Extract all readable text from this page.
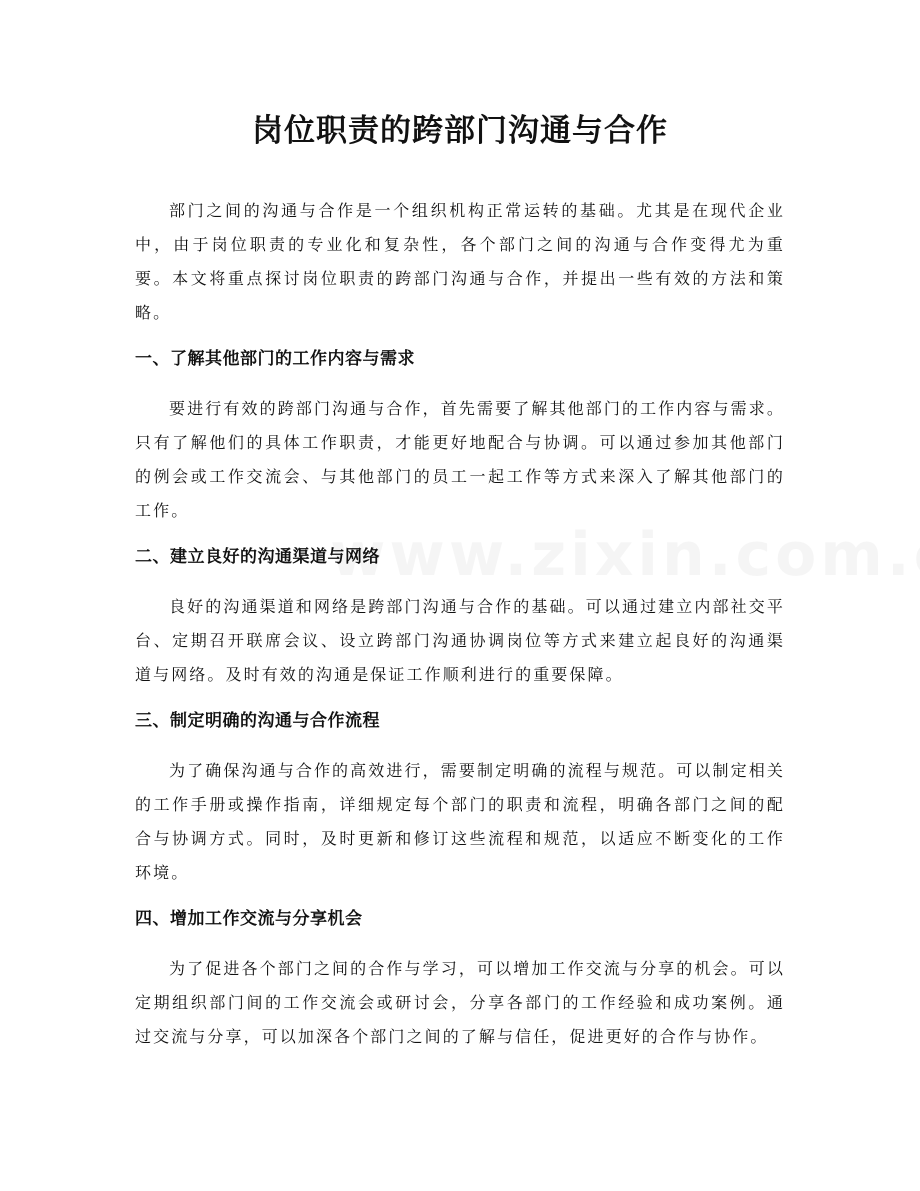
岗位职责的跨部门沟通与合作

部门之间的沟通与合作是一个组织机构正常运转的基础。尤其是在现代企业中，由于岗位职责的专业化和复杂性，各个部门之间的沟通与合作变得尤为重要。本文将重点探讨岗位职责的跨部门沟通与合作，并提出一些有效的方法和策略。

一、了解其他部门的工作内容与需求

要进行有效的跨部门沟通与合作，首先需要了解其他部门的工作内容与需求。只有了解他们的具体工作职责，才能更好地配合与协调。可以通过参加其他部门的例会或工作交流会、与其他部门的员工一起工作等方式来深入了解其他部门的工作。

二、建立良好的沟通渠道与网络

良好的沟通渠道和网络是跨部门沟通与合作的基础。可以通过建立内部社交平台、定期召开联席会议、设立跨部门沟通协调岗位等方式来建立起良好的沟通渠道与网络。及时有效的沟通是保证工作顺利进行的重要保障。

三、制定明确的沟通与合作流程

为了确保沟通与合作的高效进行，需要制定明确的流程与规范。可以制定相关的工作手册或操作指南，详细规定每个部门的职责和流程，明确各部门之间的配合与协调方式。同时，及时更新和修订这些流程和规范，以适应不断变化的工作环境。

四、增加工作交流与分享机会

为了促进各个部门之间的合作与学习，可以增加工作交流与分享的机会。可以定期组织部门间的工作交流会或研讨会，分享各部门的工作经验和成功案例。通过交流与分享，可以加深各个部门之间的了解与信任，促进更好的合作与协作。
